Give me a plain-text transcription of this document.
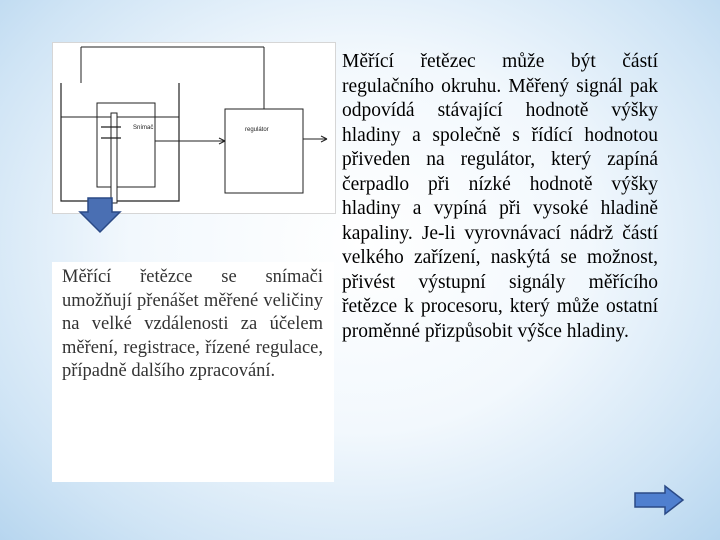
Snímač	regulátor

Měřící řetězce se snímači umožňují přenášet měřené veličiny na velké vzdálenosti za účelem měření, registrace, řízené regulace, případně dalšího zpracování.

Měřící řetězec může být částí regulačního okruhu. Měřený signál pak odpovídá stávající hodnotě výšky hladiny a společně s řídící hodnotou přiveden na regulátor, který zapíná čerpadlo při nízké hodnotě výšky hladiny a vypíná při vysoké hladině kapaliny. Je-li vyrovnávací nádrž částí velkého zařízení, naskýtá se možnost, přivést výstupní signály měřícího řetězce k procesoru, který může ostatní proměnné přizpůsobit výšce hladiny.
